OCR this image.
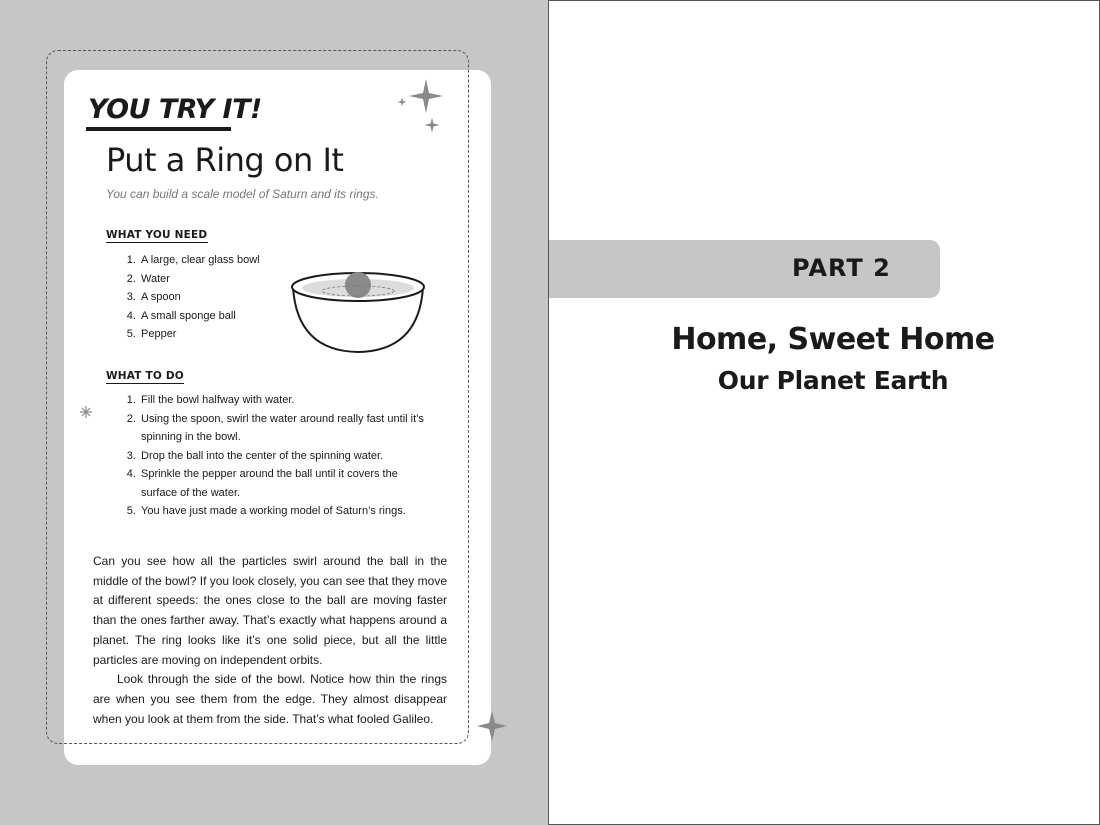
YOU TRY IT!
Put a Ring on It

You can build a scale model of Saturn and its rings.

WHAT YOU NEED
1. A large, clear glass bowl
2. Water
3. A spoon
4. A small sponge ball
5. Pepper
WHAT TO DO
1. Fill the bowl halfway with water.
2. Using the spoon, swirl the water around really fast until it’s spinning in the bowl.
3. Drop the ball into the center of the spinning water.
4. Sprinkle the pepper around the ball until it covers the surface of the water.
5. You have just made a working model of Saturn’s rings.

Can you see how all the particles swirl around the ball in the middle of the bowl? If you look closely, you can see that they move at different speeds: the ones close to the ball are moving faster than the ones farther away. That’s exactly what happens around a planet. The ring looks like it’s one solid piece, but all the little particles are moving on independent orbits.

Look through the side of the bowl. Notice how thin the rings are when you see them from the edge. They almost disappear when you look at them from the side. That’s what fooled Galileo.

PART 2
Home, Sweet Home
Our Planet Earth
